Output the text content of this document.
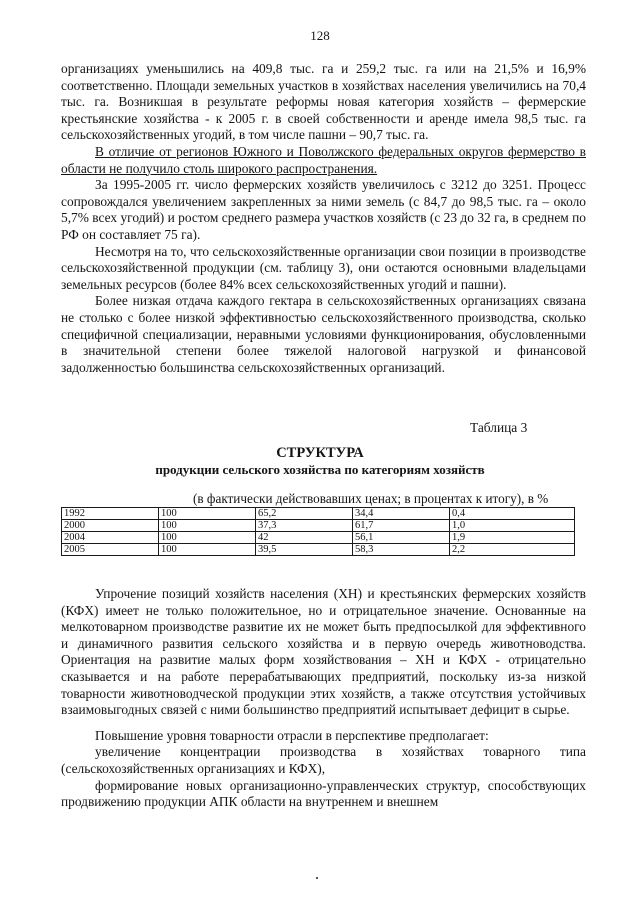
128

организациях уменьшились на 409,8 тыс. га и 259,2 тыс. га или на 21,5% и 16,9% соответственно. Площади земельных участков в хозяйствах населения увеличились на 70,4 тыс. га. Возникшая в результате реформы новая категория хозяйств – фермерские крестьянские хозяйства - к 2005 г. в своей собственности и аренде имела 98,5 тыс. га сельскохозяйственных угодий, в том числе пашни – 90,7 тыс. га.

В отличие от регионов Южного и Поволжского федеральных округов фермерство в области не получило столь широкого распространения.

За 1995-2005 гг. число фермерских хозяйств увеличилось с 3212 до 3251. Процесс сопровождался увеличением закрепленных за ними земель (с 84,7 до 98,5 тыс. га – около 5,7% всех угодий) и ростом среднего размера участков хозяйств (с 23 до 32 га, в среднем по РФ он составляет 75 га).

Несмотря на то, что сельскохозяйственные организации свои позиции в производстве сельскохозяйственной продукции (см. таблицу 3), они остаются основными владельцами земельных ресурсов (более 84% всех сельскохозяйственных угодий и пашни).

Более низкая отдача каждого гектара в сельскохозяйственных организациях связана не столько с более низкой эффективностью сельскохозяйственного производства, сколько специфичной специализации, неравными условиями функционирования, обусловленными в значительной степени более тяжелой налоговой нагрузкой и финансовой задолженностью большинства сельскохозяйственных организаций.

Таблица 3
СТРУКТУРА
продукции сельского хозяйства по категориям хозяйств
(в фактически действовавших ценах; в процентах к итогу), в %
1992	100	65,2	34,4	0,4
2000	100	37,3	61,7	1,0
2004	100	42	56,1	1,9
2005	100	39,5	58,3	2,2

Упрочение позиций хозяйств населения (ХН) и крестьянских фермерских хозяйств (КФХ) имеет не только положительное, но и отрицательное значение. Основанные на мелкотоварном производстве развитие их не может быть предпосылкой для эффективного и динамичного развития сельского хозяйства и в первую очередь животноводства. Ориентация на развитие малых форм хозяйствования – ХН и КФХ - отрицательно сказывается и на работе перерабатывающих предприятий, поскольку из-за низкой товарности животноводческой продукции этих хозяйств, а также отсутствия устойчивых взаимовыгодных связей с ними большинство предприятий испытывает дефицит в сырье.

Повышение уровня товарности отрасли в перспективе предполагает:

увеличение концентрации производства в хозяйствах товарного типа (сельскохозяйственных организациях и КФХ),

формирование новых организационно-управленческих структур, способствующих продвижению продукции АПК области на внутреннем и внешнем
